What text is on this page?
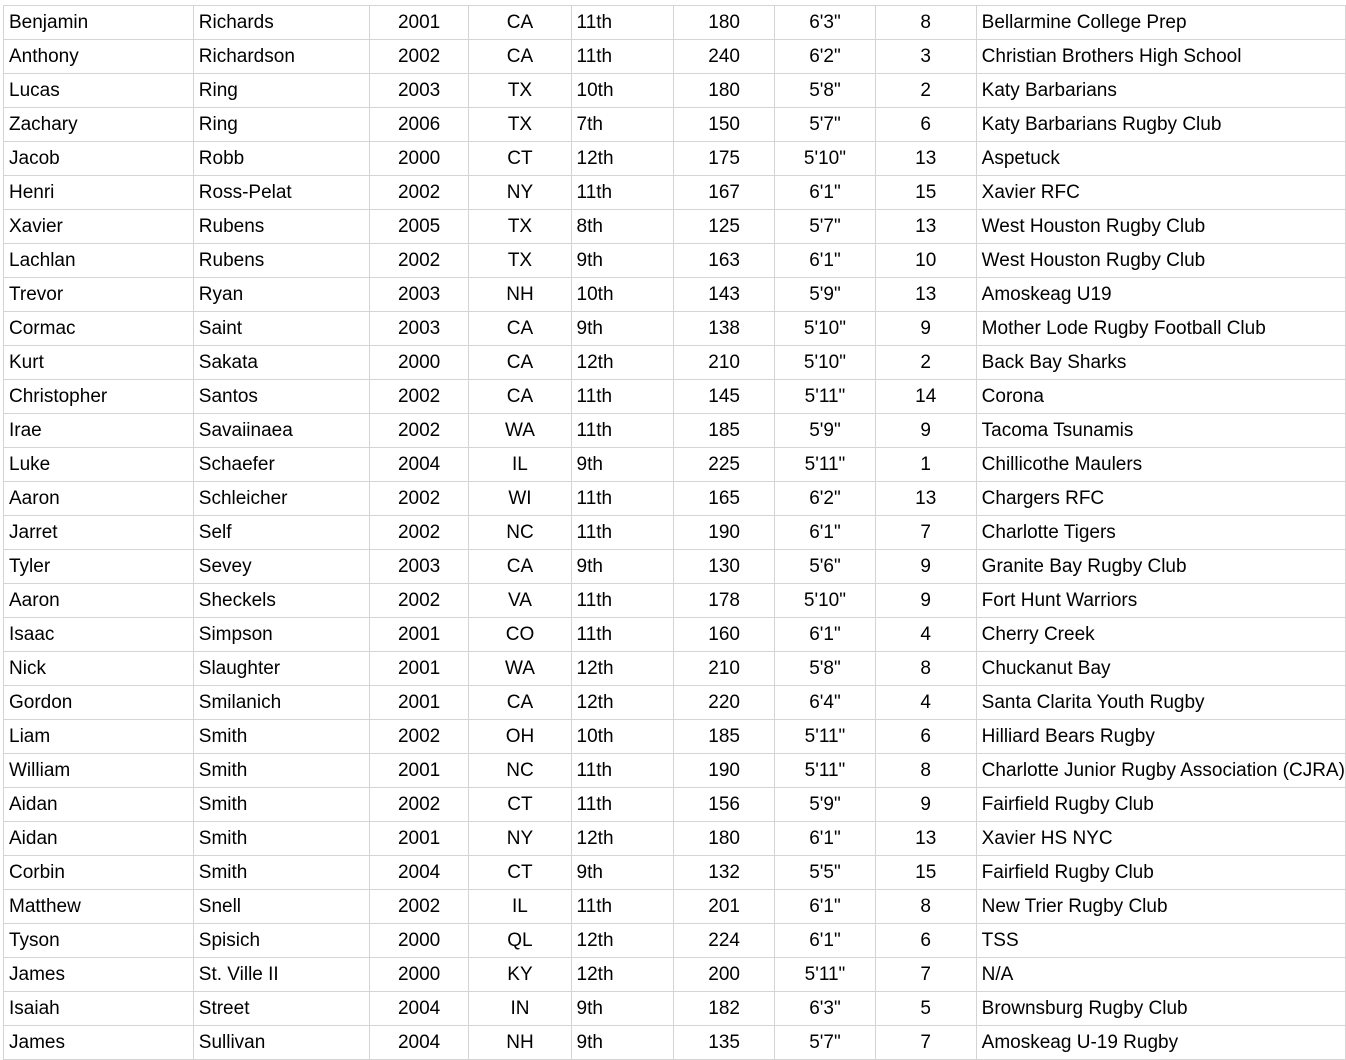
Benjamin	Richards	2001	CA	11th	180	6'3"	8	Bellarmine College Prep
Anthony	Richardson	2002	CA	11th	240	6'2"	3	Christian Brothers High School
Lucas	Ring	2003	TX	10th	180	5'8"	2	Katy Barbarians
Zachary	Ring	2006	TX	7th	150	5'7"	6	Katy Barbarians Rugby Club
Jacob	Robb	2000	CT	12th	175	5'10"	13	Aspetuck
Henri	Ross-Pelat	2002	NY	11th	167	6'1"	15	Xavier RFC
Xavier	Rubens	2005	TX	8th	125	5'7"	13	West Houston Rugby Club
Lachlan	Rubens	2002	TX	9th	163	6'1"	10	West Houston Rugby Club
Trevor	Ryan	2003	NH	10th	143	5'9"	13	Amoskeag U19
Cormac	Saint	2003	CA	9th	138	5'10"	9	Mother Lode Rugby Football Club
Kurt	Sakata	2000	CA	12th	210	5'10"	2	Back Bay Sharks
Christopher	Santos	2002	CA	11th	145	5'11"	14	Corona
Irae	Savaiinaea	2002	WA	11th	185	5'9"	9	Tacoma Tsunamis
Luke	Schaefer	2004	IL	9th	225	5'11"	1	Chillicothe Maulers
Aaron	Schleicher	2002	WI	11th	165	6'2"	13	Chargers RFC
Jarret	Self	2002	NC	11th	190	6'1"	7	Charlotte Tigers
Tyler	Sevey	2003	CA	9th	130	5'6"	9	Granite Bay Rugby Club
Aaron	Sheckels	2002	VA	11th	178	5'10"	9	Fort Hunt Warriors
Isaac	Simpson	2001	CO	11th	160	6'1"	4	Cherry Creek
Nick	Slaughter	2001	WA	12th	210	5'8"	8	Chuckanut Bay
Gordon	Smilanich	2001	CA	12th	220	6'4"	4	Santa Clarita Youth Rugby
Liam	Smith	2002	OH	10th	185	5'11"	6	Hilliard Bears Rugby
William	Smith	2001	NC	11th	190	5'11"	8	Charlotte Junior Rugby Association (CJRA)
Aidan	Smith	2002	CT	11th	156	5'9"	9	Fairfield Rugby Club
Aidan	Smith	2001	NY	12th	180	6'1"	13	Xavier HS NYC
Corbin	Smith	2004	CT	9th	132	5'5"	15	Fairfield Rugby Club
Matthew	Snell	2002	IL	11th	201	6'1"	8	New Trier Rugby Club
Tyson	Spisich	2000	QL	12th	224	6'1"	6	TSS
James	St. Ville II	2000	KY	12th	200	5'11"	7	N/A
Isaiah	Street	2004	IN	9th	182	6'3"	5	Brownsburg Rugby Club
James	Sullivan	2004	NH	9th	135	5'7"	7	Amoskeag U-19 Rugby
